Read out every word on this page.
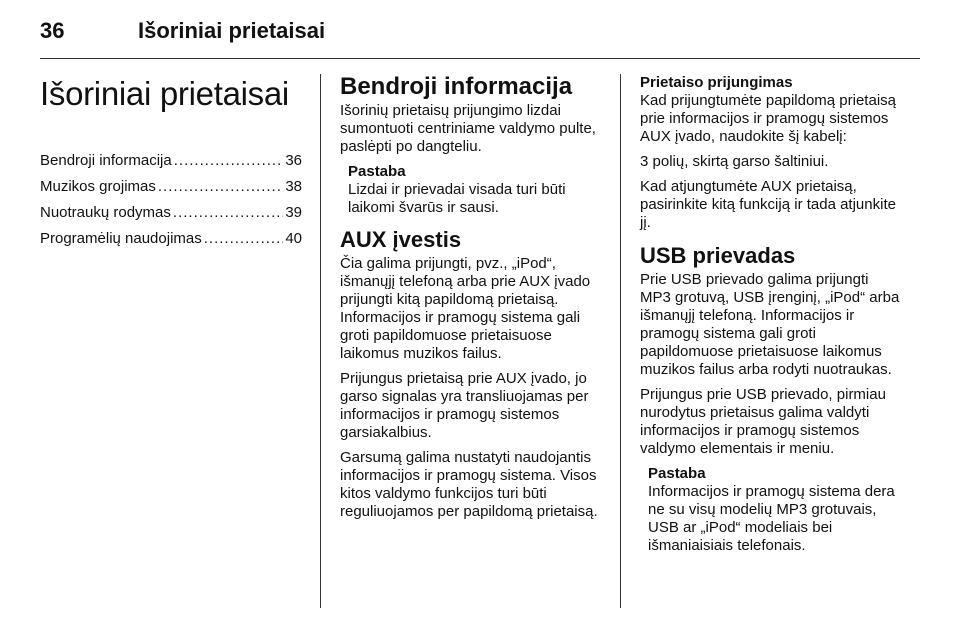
36	Išoriniai prietaisai
Išoriniai prietaisai
Bendroji informacija .....	36
Muzikos grojimas .....	38
Nuotraukų rodymas .....	39
Programėlių naudojimas .....	40
Bendroji informacija

Išorinių prietaisų prijungimo lizdai sumontuoti centriniame valdymo pulte, paslėpti po dangteliu.

Pastaba
Lizdai ir prievadai visada turi būti laikomi švarūs ir sausi.
AUX įvestis

Čia galima prijungti, pvz., „iPod“, išmanųjį telefoną arba prie AUX įvado prijungti kitą papildomą prietaisą. Informacijos ir pramogų sistema gali groti papildomuose prietaisuose laikomus muzikos failus.

Prijungus prietaisą prie AUX įvado, jo garso signalas yra transliuojamas per informacijos ir pramogų sistemos garsiakalbius.

Garsumą galima nustatyti naudojantis informacijos ir pramogų sistema. Visos kitos valdymo funkcijos turi būti reguliuojamos per papildomą prietaisą.

Prietaiso prijungimas

Kad prijungtumėte papildomą prietaisą prie informacijos ir pramogų sistemos AUX įvado, naudokite šį kabelį:

3 polių, skirtą garso šaltiniui.

Kad atjungtumėte AUX prietaisą, pasirinkite kitą funkciją ir tada atjunkite jį.

USB prievadas

Prie USB prievado galima prijungti MP3 grotuvą, USB įrenginį, „iPod“ arba išmanųjį telefoną. Informacijos ir pramogų sistema gali groti papildomuose prietaisuose laikomus muzikos failus arba rodyti nuotraukas.

Prijungus prie USB prievado, pirmiau nurodytus prietaisus galima valdyti informacijos ir pramogų sistemos valdymo elementais ir meniu.

Pastaba
Informacijos ir pramogų sistema dera ne su visų modelių MP3 grotuvais, USB ar „iPod“ modeliais bei išmaniaisiais telefonais.
